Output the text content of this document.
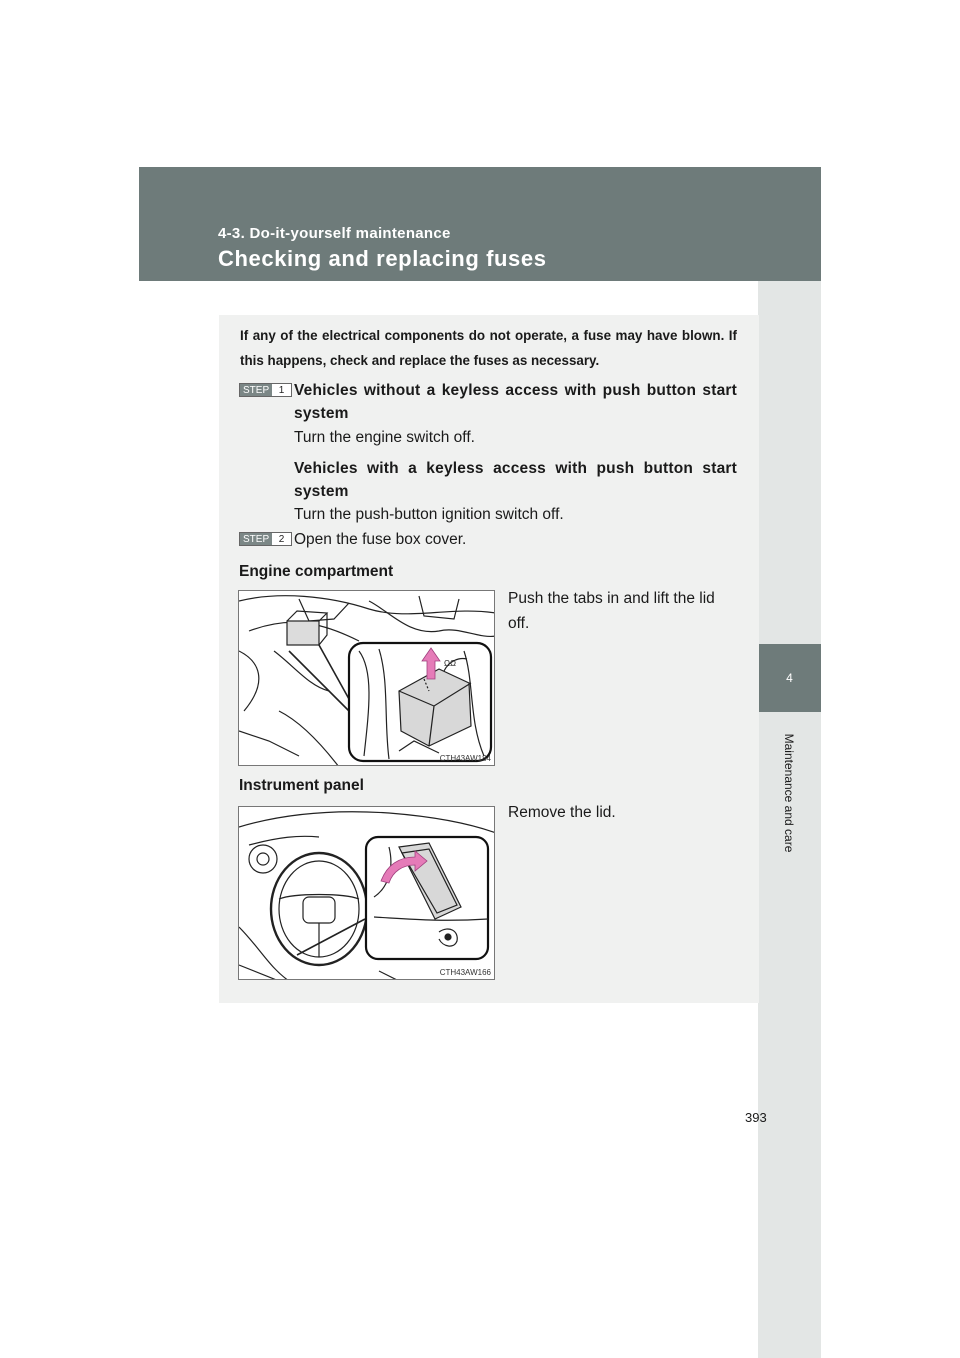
4-3. Do-it-yourself maintenance
Checking and replacing fuses
4
Maintenance and care
If any of the electrical components do not operate, a fuse may have blown. If this happens, check and replace the fuses as necessary.
STEP 1 Vehicles without a keyless access with push button start system
Turn the engine switch off.
Vehicles with a keyless access with push button start system
Turn the push-button ignition switch off.
STEP 2 Open the fuse box cover.
Engine compartment
Push the tabs in and lift the lid off.
ΩΩ
CTH43AW184
Instrument panel
Remove the lid.
CTH43AW166
393
